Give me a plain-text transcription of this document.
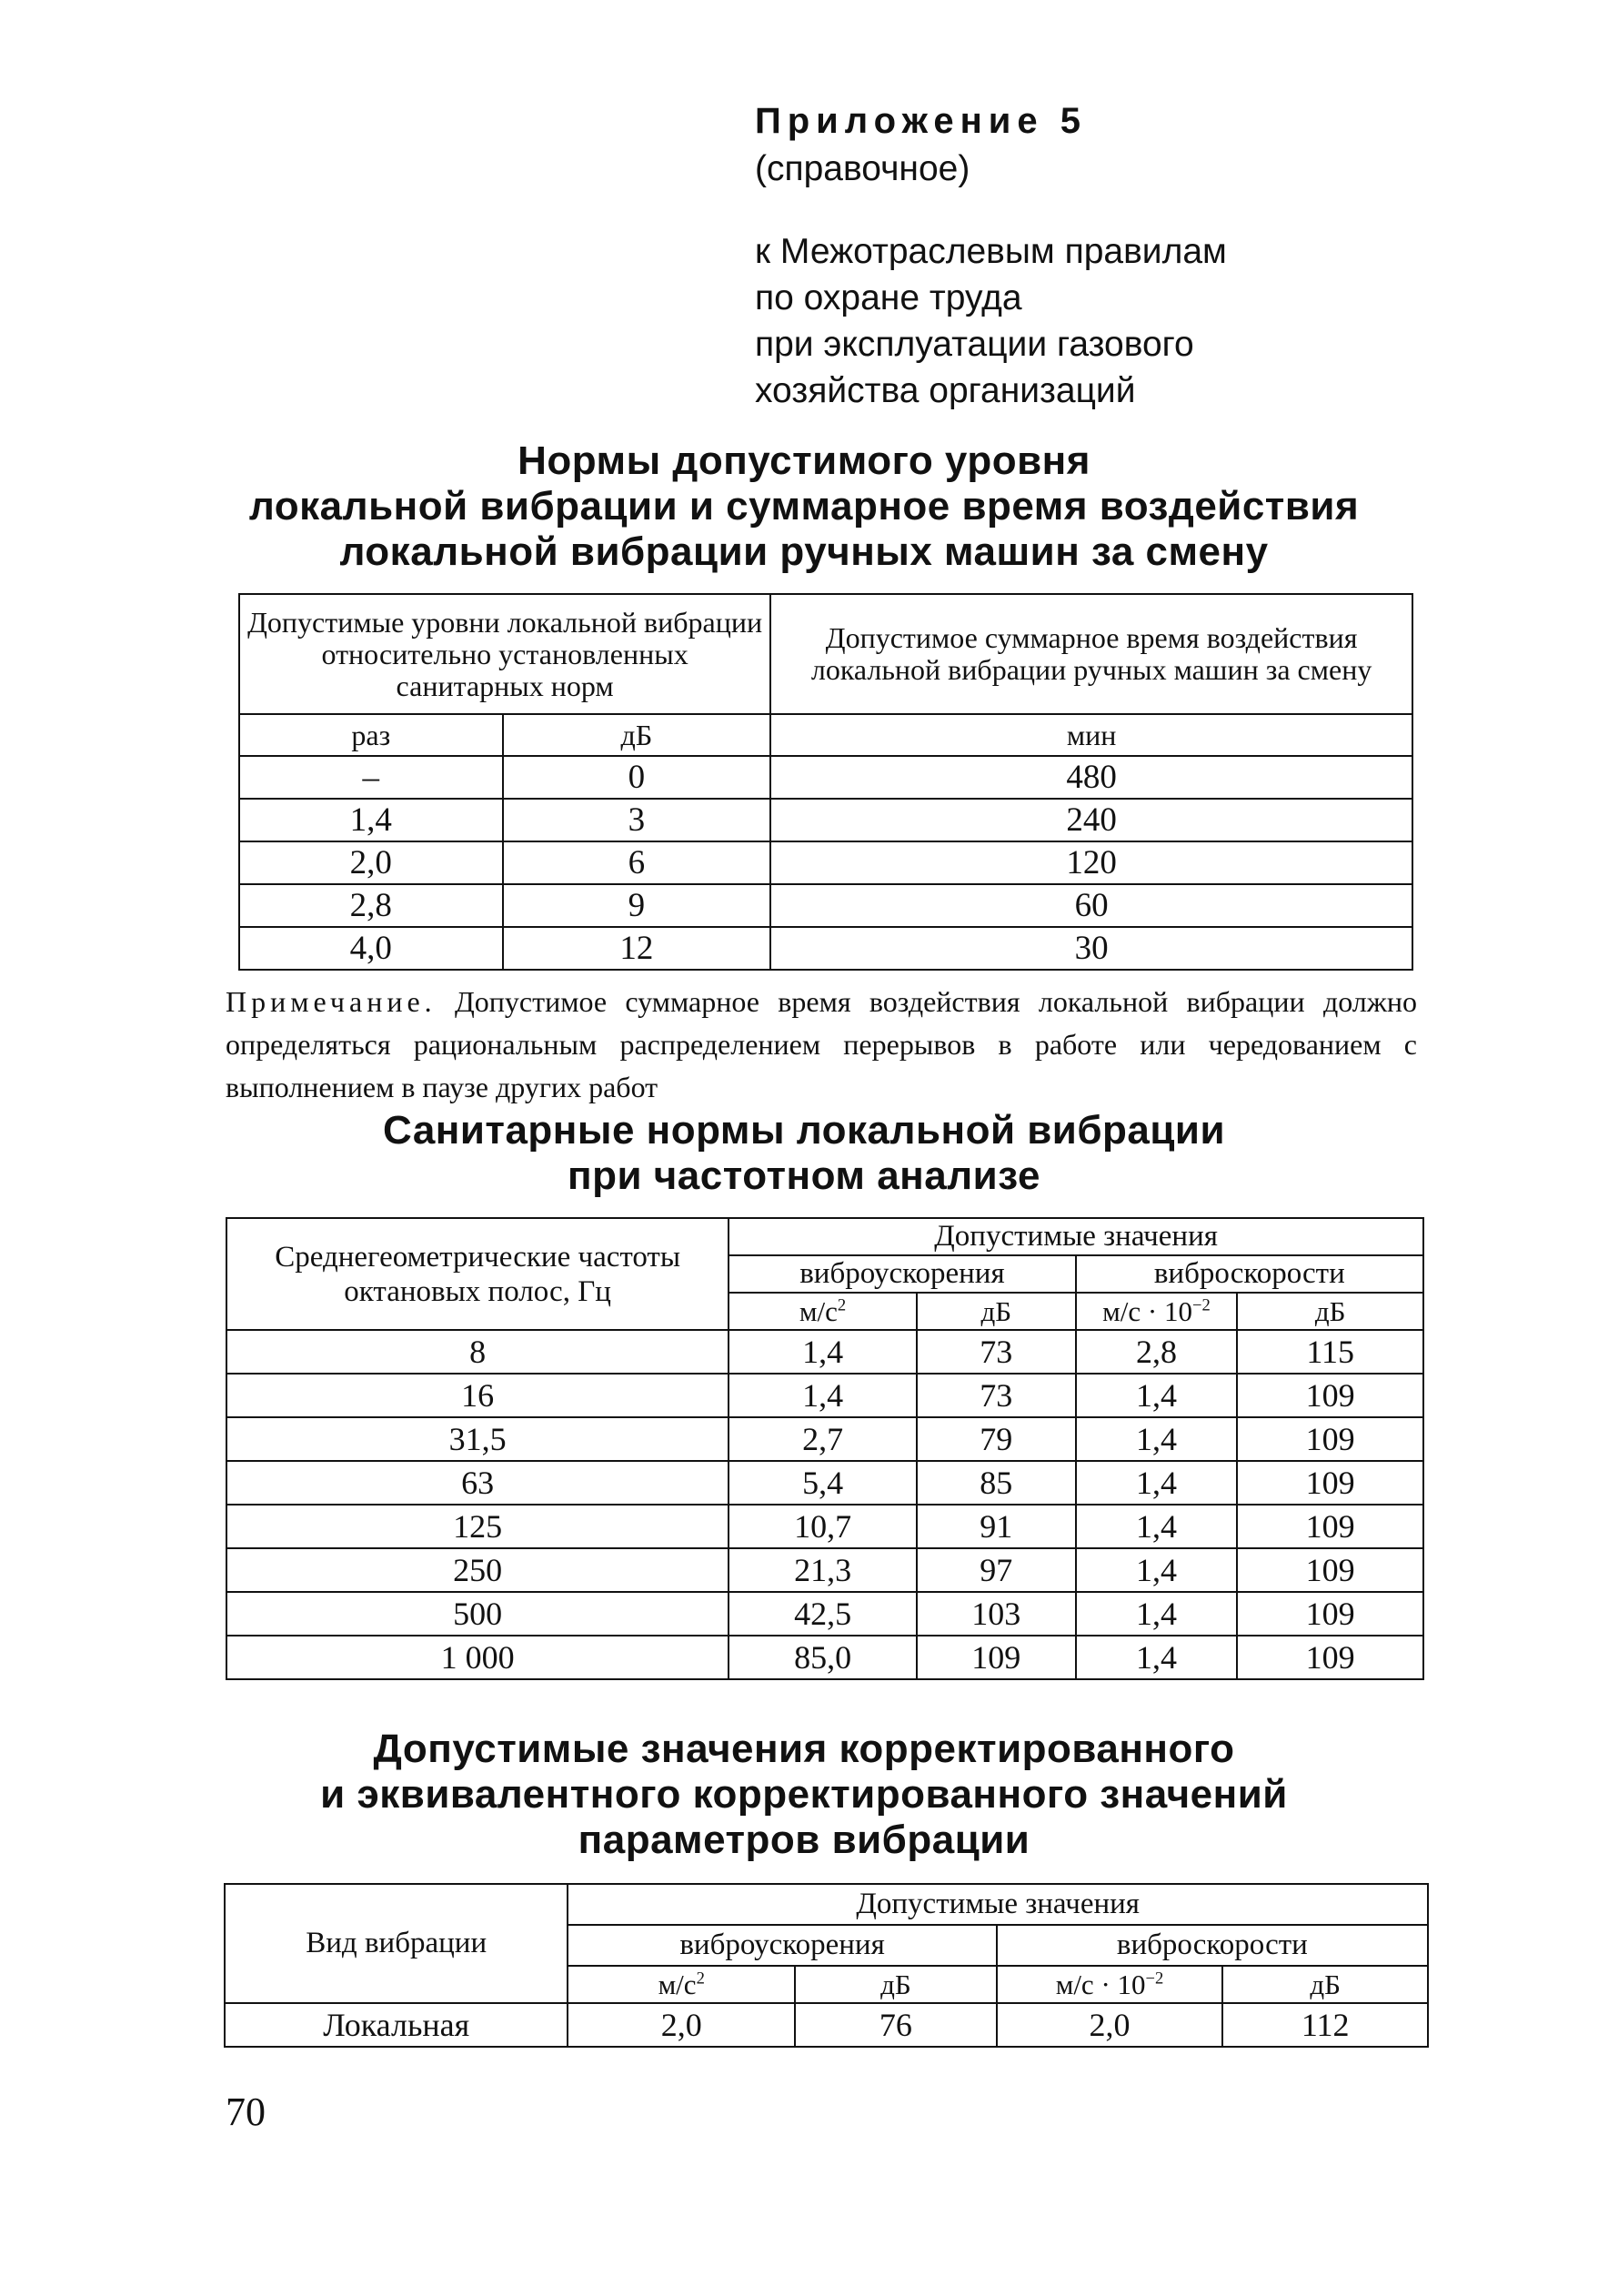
Приложение 5
(справочное)
к Межотраслевым правилам
по охране труда
при эксплуатации газового
хозяйства организаций
Нормы допустимого уровня
локальной вибрации и суммарное время воздействия
локальной вибрации ручных машин за смену
Допустимые уровни локальной вибрации относительно установленных санитарных норм		Допустимое суммарное время воздействия локальной вибрации ручных машин за смену
раз	дБ	мин
–	0	480
1,4	3	240
2,0	6	120
2,8	9	60
4,0	12	30
Примечание. Допустимое суммарное время воздействия локальной вибрации должно определяться рациональным распределением перерывов в работе или чередованием с выполнением в паузе других работ
Санитарные нормы локальной вибрации
при частотном анализе
Среднегеометрические частоты октановых полос, Гц	Допустимые значения			
	виброускорения		виброскорости	
	$м/с^2$	дБ	$м/с \cdot 10^{-2}$	дБ
8	1,4	73	2,8	115
16	1,4	73	1,4	109
31,5	2,7	79	1,4	109
63	5,4	85	1,4	109
125	10,7	91	1,4	109
250	21,3	97	1,4	109
500	42,5	103	1,4	109
1 000	85,0	109	1,4	109
Допустимые значения корректированного
и эквивалентного корректированного значений
параметров вибрации
Вид вибрации	Допустимые значения			
	виброускорения		виброскорости	
	$м/с^2$	дБ	$м/с \cdot 10^{-2}$	дБ
Локальная	2,0	76	2,0	112
70
